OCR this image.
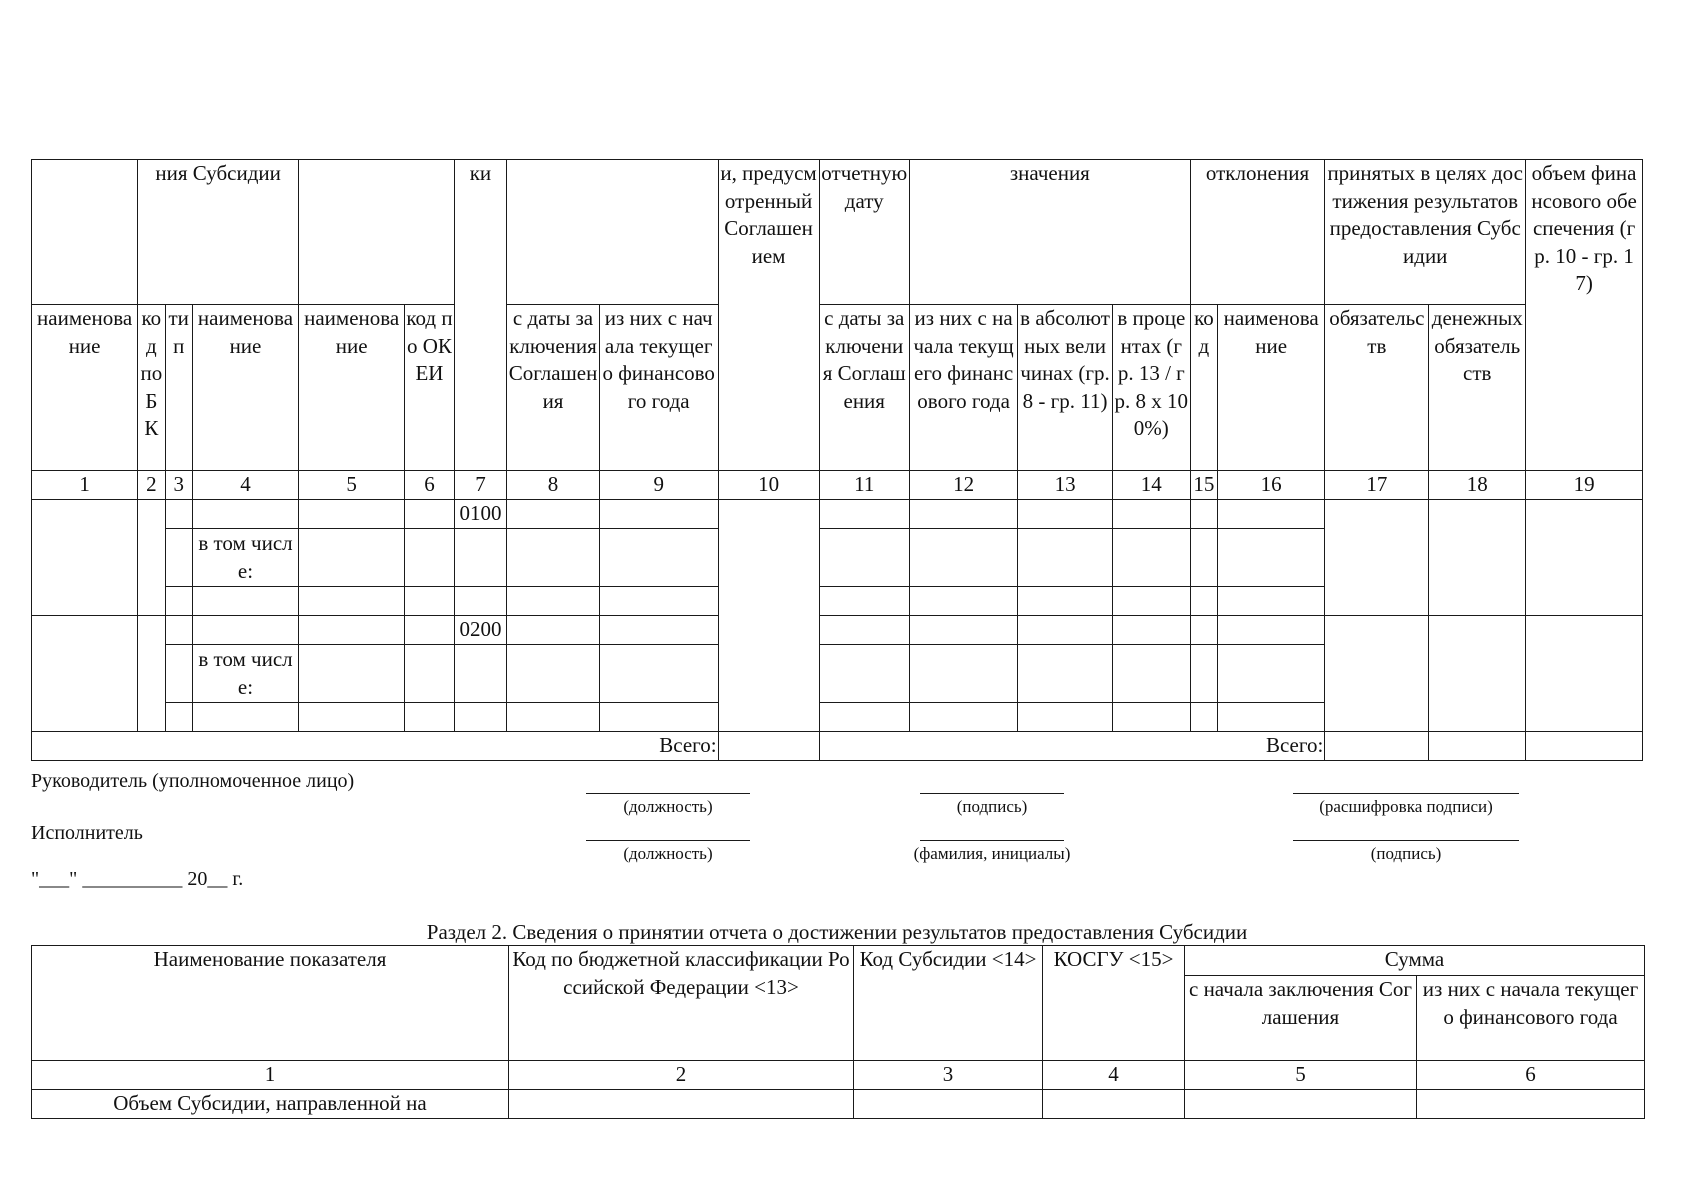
	ния Субсидии					ки			и, предусмотренный Соглашением	отчетную дату	значения			отклонения		принятых в целях достижения результатов предоставления Субсидии		объем финансового обеспечения (гр. 10 - гр. 17)
наименование	код по БК	тип	наименование	наименование	код по ОКЕИ		с даты заключения Соглашения	из них с начала текущего финансового года		с даты заключения Соглашения	из них с начала текущего финансового года	в абсолютных величинах (гр. 8 - гр. 11)	в процентах (гр. 13 / гр. 8 x 100%)	код	наименование	обязательств	денежных обязательств	
1	2	3	4	5	6	7	8	9	10	11	12	13	14	15	16	17	18	19
						0100												
			в том числе:															

						0200												
			в том числе:															

Всего:										Всего:								
Руководитель (уполномоченное лицо)
(должность)	(подпись)	(расшифровка подписи)
Исполнитель
(должность)	(фамилия, инициалы)	(подпись)
"___" __________ 20__ г.
Раздел 2. Сведения о принятии отчета о достижении результатов предоставления Субсидии
Наименование показателя	Код по бюджетной классификации Российской Федерации <13>	Код Субсидии <14>	КОСГУ <15>	Сумма	
				с начала заключения Соглашения	из них с начала текущего финансового года
1	2	3	4	5	6
Объем Субсидии, направленной на					
